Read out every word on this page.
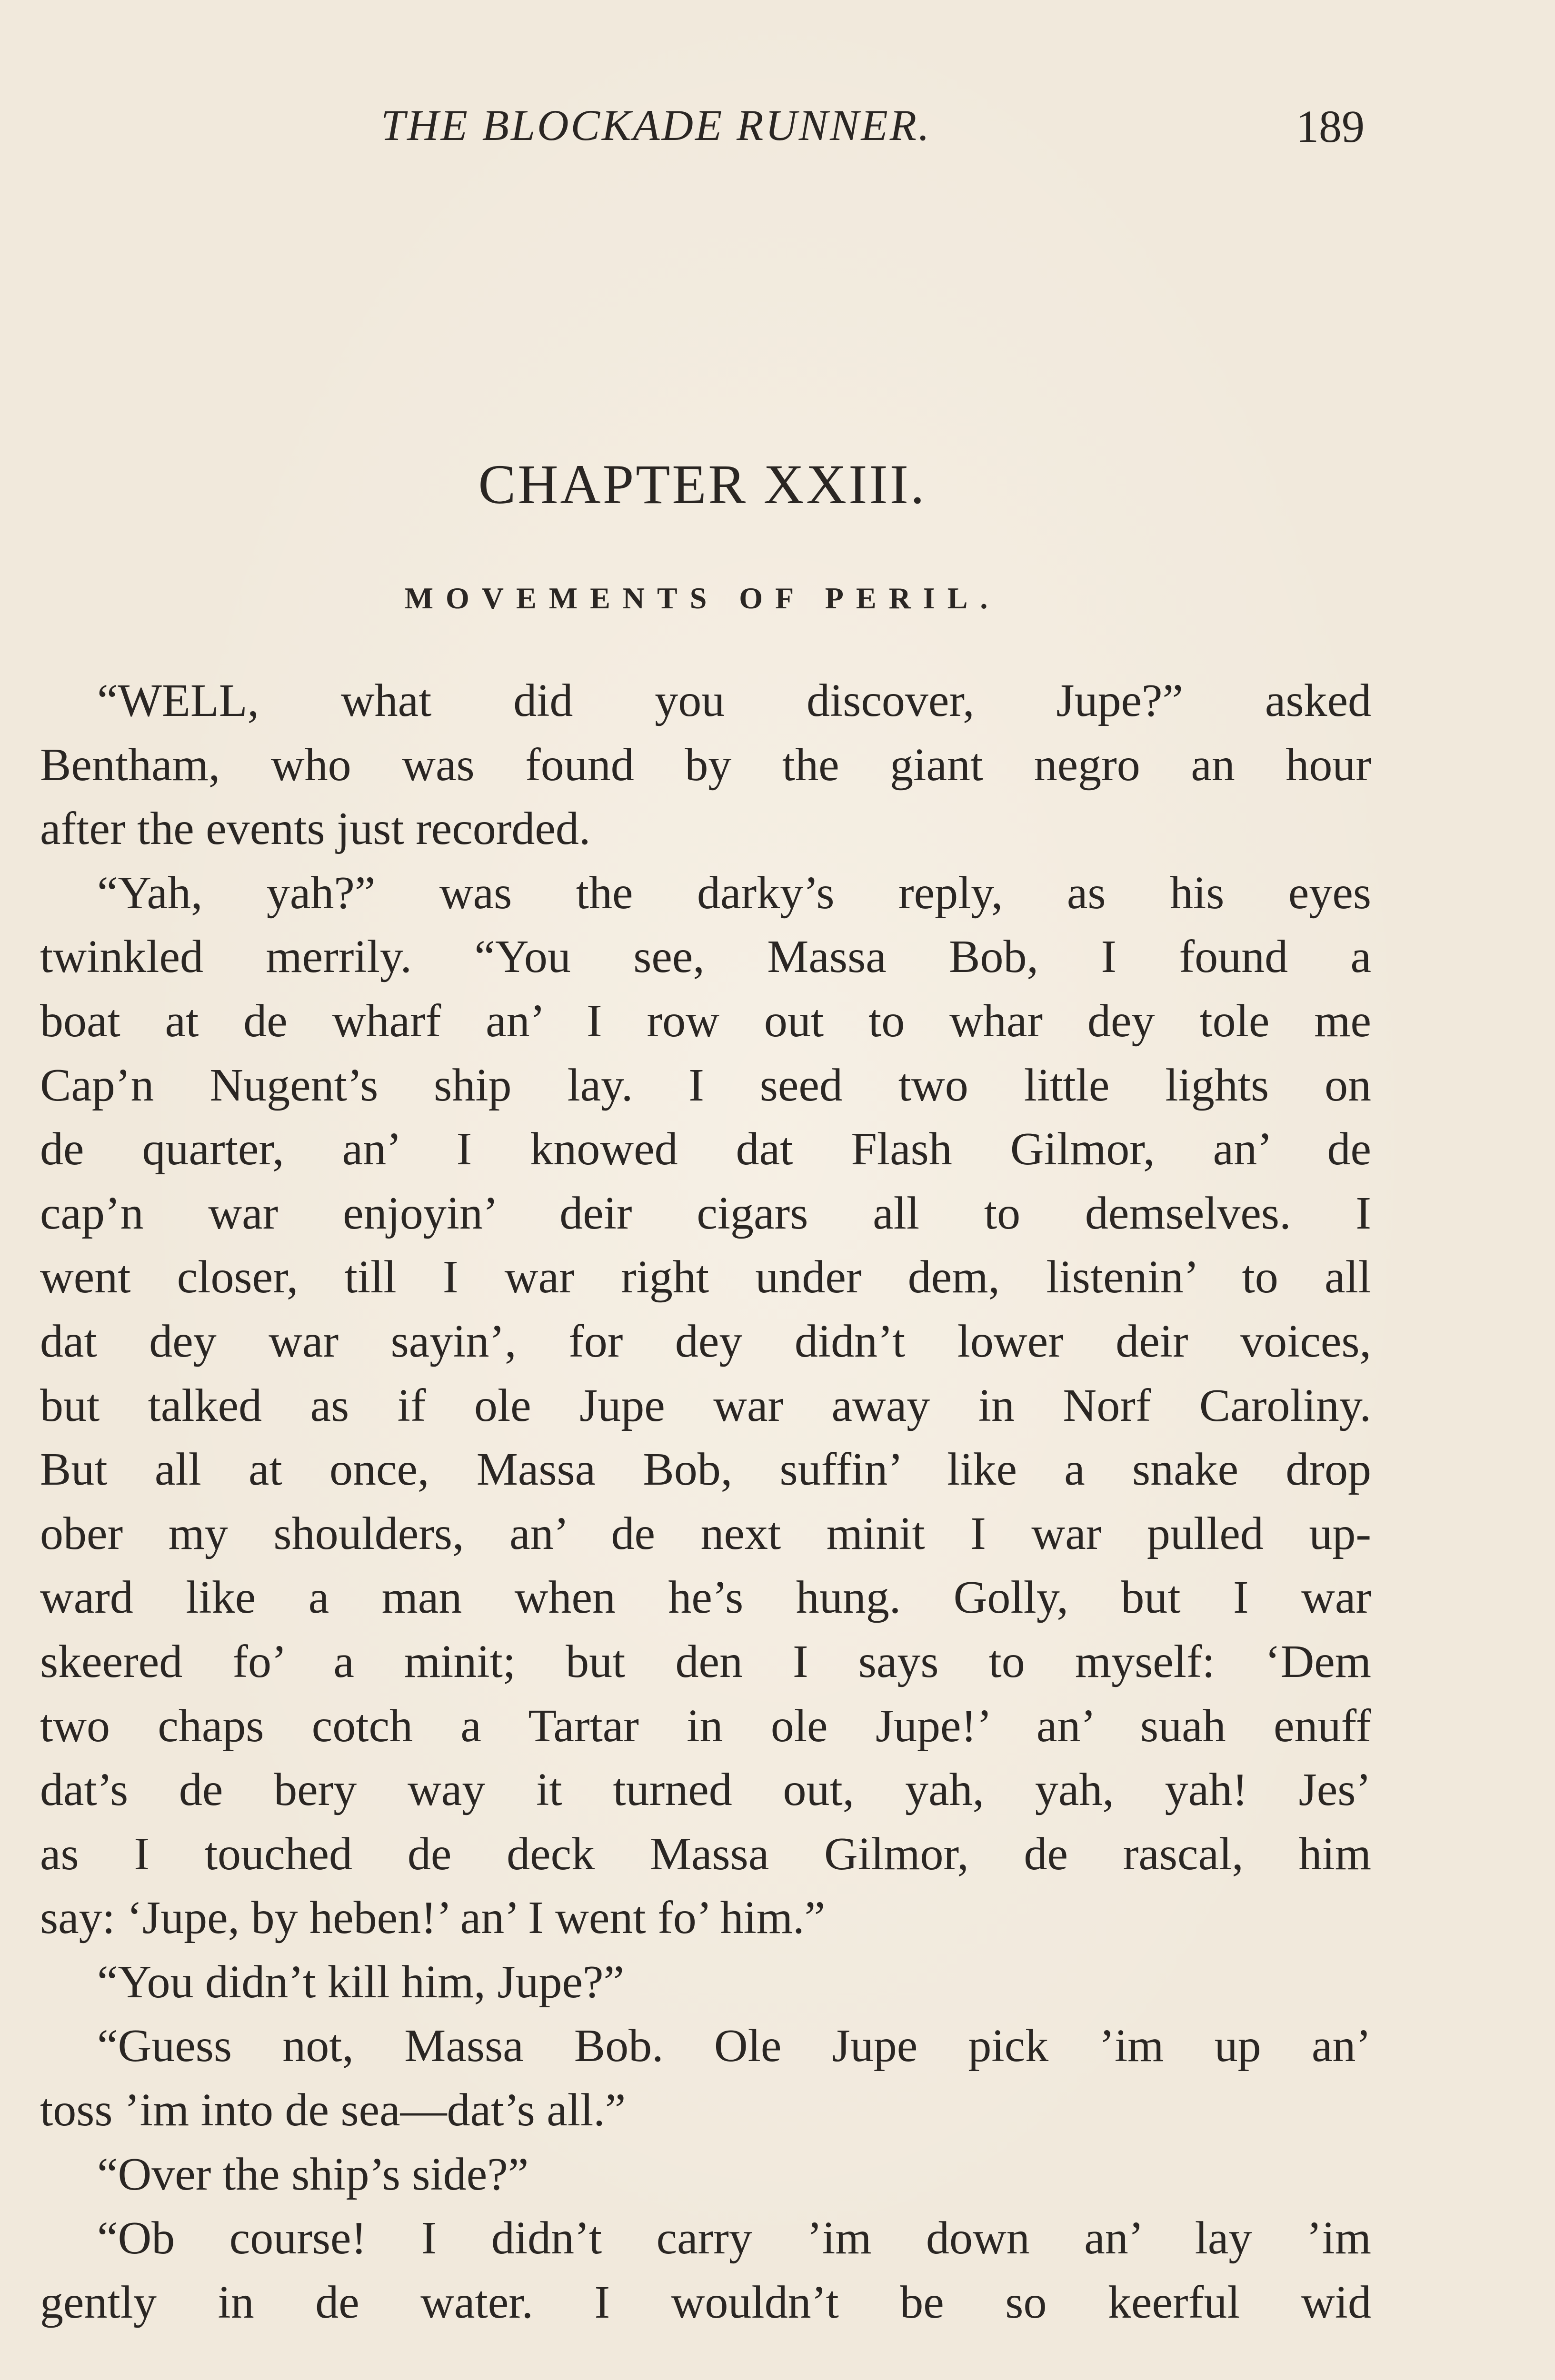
THE BLOCKADE RUNNER.	189
CHAPTER XXIII.
MOVEMENTS OF PERIL.
“WELL, what did you discover, Jupe?” asked
Bentham, who was found by the giant negro an hour
after the events just recorded.
“Yah, yah?” was the darky’s reply, as his eyes
twinkled merrily. “You see, Massa Bob, I found a
boat at de wharf an’ I row out to whar dey tole me
Cap’n Nugent’s ship lay. I seed two little lights on
de quarter, an’ I knowed dat Flash Gilmor, an’ de
cap’n war enjoyin’ deir cigars all to demselves. I
went closer, till I war right under dem, listenin’ to all
dat dey war sayin’, for dey didn’t lower deir voices,
but talked as if ole Jupe war away in Norf Caroliny.
But all at once, Massa Bob, suffin’ like a snake drop
ober my shoulders, an’ de next minit I war pulled up-
ward like a man when he’s hung. Golly, but I war
skeered fo’ a minit; but den I says to myself: ‘Dem
two chaps cotch a Tartar in ole Jupe!’ an’ suah enuff
dat’s de bery way it turned out, yah, yah, yah! Jes’
as I touched de deck Massa Gilmor, de rascal, him
say: ‘Jupe, by heben!’ an’ I went fo’ him.”
“You didn’t kill him, Jupe?”
“Guess not, Massa Bob. Ole Jupe pick ’im up an’
toss ’im into de sea—dat’s all.”
“Over the ship’s side?”
“Ob course! I didn’t carry ’im down an’ lay ’im
gently in de water. I wouldn’t be so keerful wid
